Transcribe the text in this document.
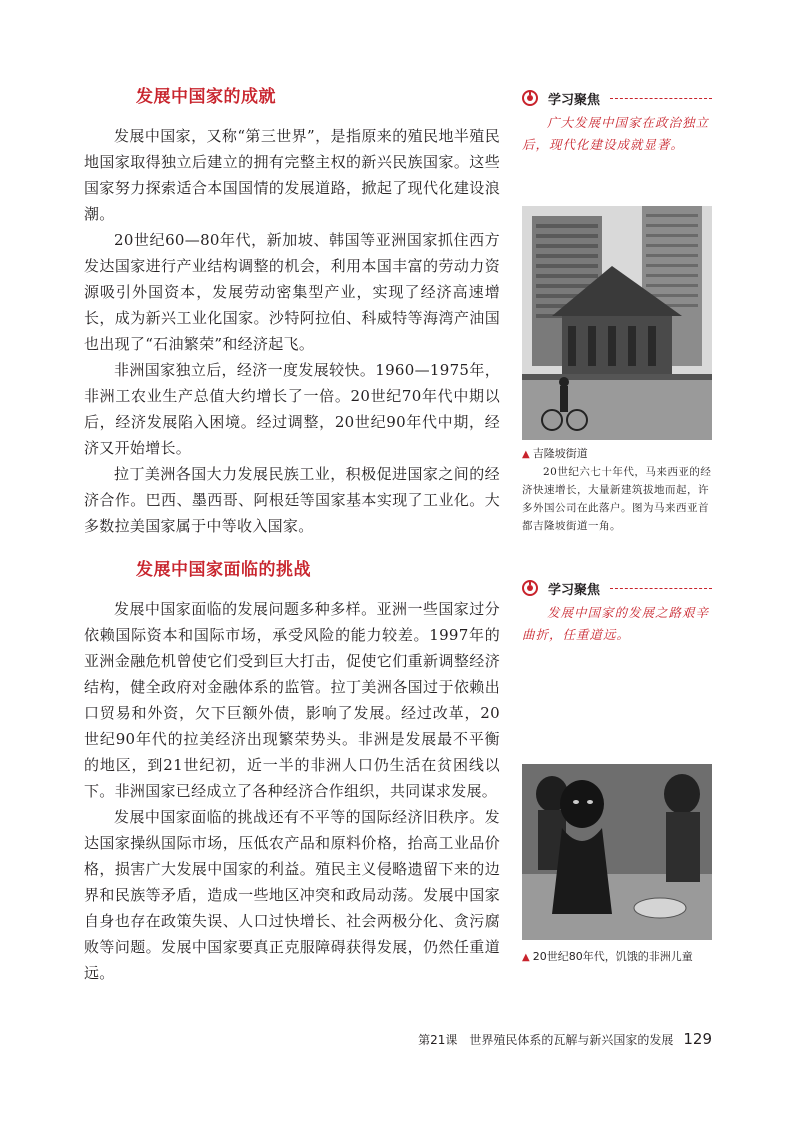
发展中国家的成就

发展中国家，又称“第三世界”，是指原来的殖民地半殖民地国家取得独立后建立的拥有完整主权的新兴民族国家。这些国家努力探索适合本国国情的发展道路，掀起了现代化建设浪潮。

20世纪60—80年代，新加坡、韩国等亚洲国家抓住西方发达国家进行产业结构调整的机会，利用本国丰富的劳动力资源吸引外国资本，发展劳动密集型产业，实现了经济高速增长，成为新兴工业化国家。沙特阿拉伯、科威特等海湾产油国也出现了“石油繁荣”和经济起飞。

非洲国家独立后，经济一度发展较快。1960—1975年，非洲工农业生产总值大约增长了一倍。20世纪70年代中期以后，经济发展陷入困境。经过调整，20世纪90年代中期，经济又开始增长。

拉丁美洲各国大力发展民族工业，积极促进国家之间的经济合作。巴西、墨西哥、阿根廷等国家基本实现了工业化。大多数拉美国家属于中等收入国家。

发展中国家面临的挑战

发展中国家面临的发展问题多种多样。亚洲一些国家过分依赖国际资本和国际市场，承受风险的能力较差。1997年的亚洲金融危机曾使它们受到巨大打击，促使它们重新调整经济结构，健全政府对金融体系的监管。拉丁美洲各国过于依赖出口贸易和外资，欠下巨额外债，影响了发展。经过改革，20世纪90年代的拉美经济出现繁荣势头。非洲是发展最不平衡的地区，到21世纪初，近一半的非洲人口仍生活在贫困线以下。非洲国家已经成立了各种经济合作组织，共同谋求发展。

发展中国家面临的挑战还有不平等的国际经济旧秩序。发达国家操纵国际市场，压低农产品和原料价格，抬高工业品价格，损害广大发展中国家的利益。殖民主义侵略遗留下来的边界和民族等矛盾，造成一些地区冲突和政局动荡。发展中国家自身也存在政策失误、人口过快增长、社会两极分化、贪污腐败等问题。发展中国家要真正克服障碍获得发展，仍然任重道远。

学习聚焦

广大发展中国家在政治独立后，现代化建设成就显著。

▲ 吉隆坡街道

20世纪六七十年代，马来西亚的经济快速增长，大量新建筑拔地而起，许多外国公司在此落户。图为马来西亚首都吉隆坡街道一角。

学习聚焦

发展中国家的发展之路艰辛曲折，任重道远。

▲ 20世纪80年代，饥饿的非洲儿童
第21课 世界殖民体系的瓦解与新兴国家的发展 129
